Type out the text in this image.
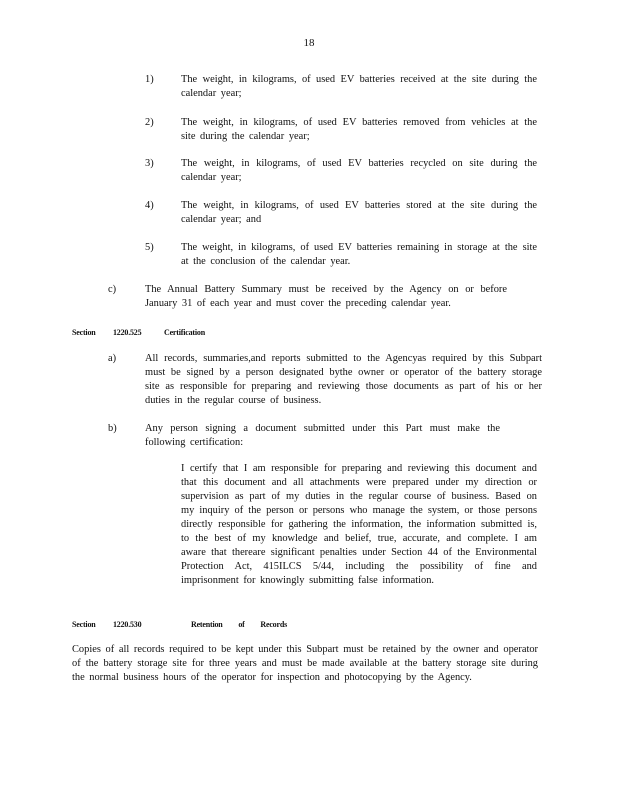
18
1)	The weight, in kilograms, of used EV batteries received at the site during the calendar year;
2)	The weight, in kilograms, of used EV batteries removed from vehicles at the site during the calendar year;
3)	The weight, in kilograms, of used EV batteries recycled on site during the calendar year;
4)	The weight, in kilograms, of used EV batteries stored at the site during the calendar year; and
5)	The weight, in kilograms, of used EV batteries remaining in storage at the site at the conclusion of the calendar year.
c)	The Annual Battery Summary must be received by the Agency on or before January 31 of each year and must cover the preceding calendar year.
Section 1220.525	Certification
a)	All records, summaries,and reports submitted to the Agencyas required by this Subpart must be signed by a person designated bythe owner or operator of the battery storage site as responsible for preparing and reviewing those documents as part of his or her duties in the regular course of business.
b)	Any person signing a document submitted under this Part must make the following certification:
I certify that I am responsible for preparing and reviewing this document and that this document and all attachments were prepared under my direction or supervision as part of my duties in the regular course of business. Based on my inquiry of the person or persons who manage the system, or those persons directly responsible for gathering the information, the information submitted is, to the best of my knowledge and belief, true, accurate, and complete. I am aware that thereare significant penalties under Section 44 of the Environmental Protection Act, 415ILCS 5/44, including the possibility of fine and imprisonment for knowingly submitting false information.
Section 1220.530	Retention of Records
Copies of all records required to be kept under this Subpart must be retained by the owner and operator of the battery storage site for three years and must be made available at the battery storage site during the normal business hours of the operator for inspection and photocopying by the Agency.
